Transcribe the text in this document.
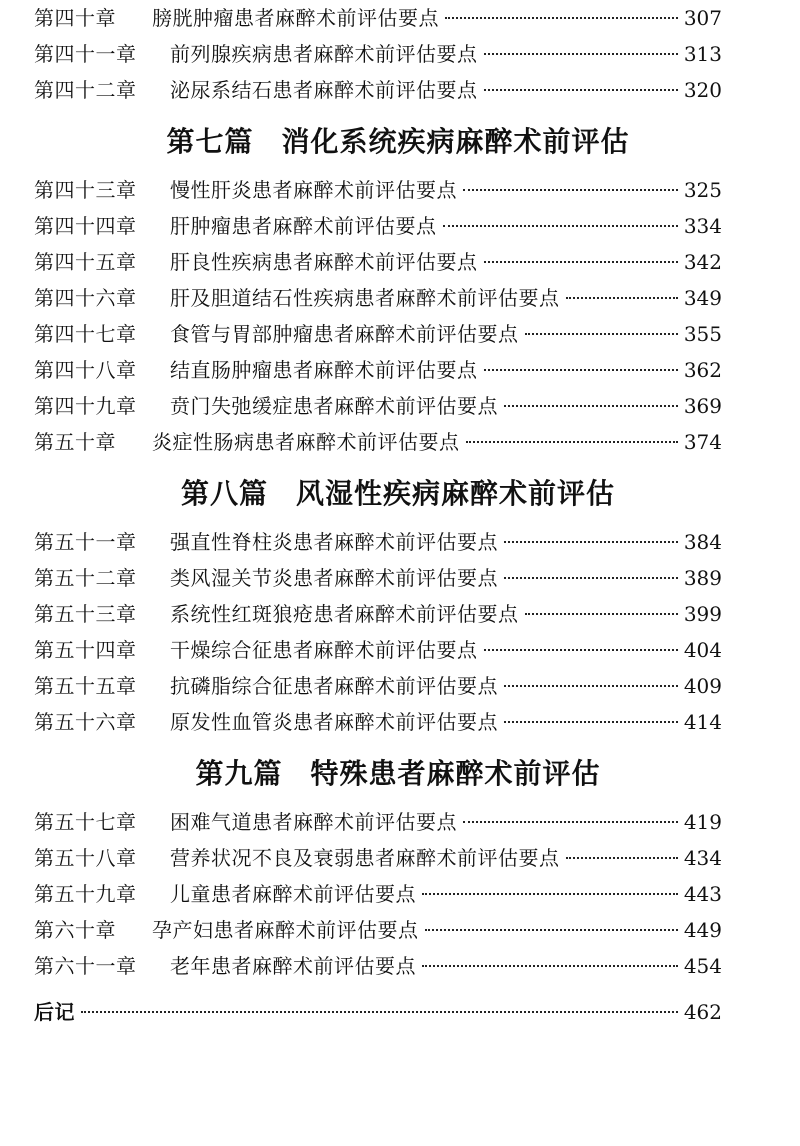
第四十章	膀胱肿瘤患者麻醉术前评估要点	307
第四十一章	前列腺疾病患者麻醉术前评估要点	313
第四十二章	泌尿系结石患者麻醉术前评估要点	320
第七篇 消化系统疾病麻醉术前评估
第四十三章	慢性肝炎患者麻醉术前评估要点	325
第四十四章	肝肿瘤患者麻醉术前评估要点	334
第四十五章	肝良性疾病患者麻醉术前评估要点	342
第四十六章	肝及胆道结石性疾病患者麻醉术前评估要点	349
第四十七章	食管与胃部肿瘤患者麻醉术前评估要点	355
第四十八章	结直肠肿瘤患者麻醉术前评估要点	362
第四十九章	贲门失弛缓症患者麻醉术前评估要点	369
第五十章	炎症性肠病患者麻醉术前评估要点	374
第八篇 风湿性疾病麻醉术前评估
第五十一章	强直性脊柱炎患者麻醉术前评估要点	384
第五十二章	类风湿关节炎患者麻醉术前评估要点	389
第五十三章	系统性红斑狼疮患者麻醉术前评估要点	399
第五十四章	干燥综合征患者麻醉术前评估要点	404
第五十五章	抗磷脂综合征患者麻醉术前评估要点	409
第五十六章	原发性血管炎患者麻醉术前评估要点	414
第九篇 特殊患者麻醉术前评估
第五十七章	困难气道患者麻醉术前评估要点	419
第五十八章	营养状况不良及衰弱患者麻醉术前评估要点	434
第五十九章	儿童患者麻醉术前评估要点	443
第六十章	孕产妇患者麻醉术前评估要点	449
第六十一章	老年患者麻醉术前评估要点	454
后记	462
